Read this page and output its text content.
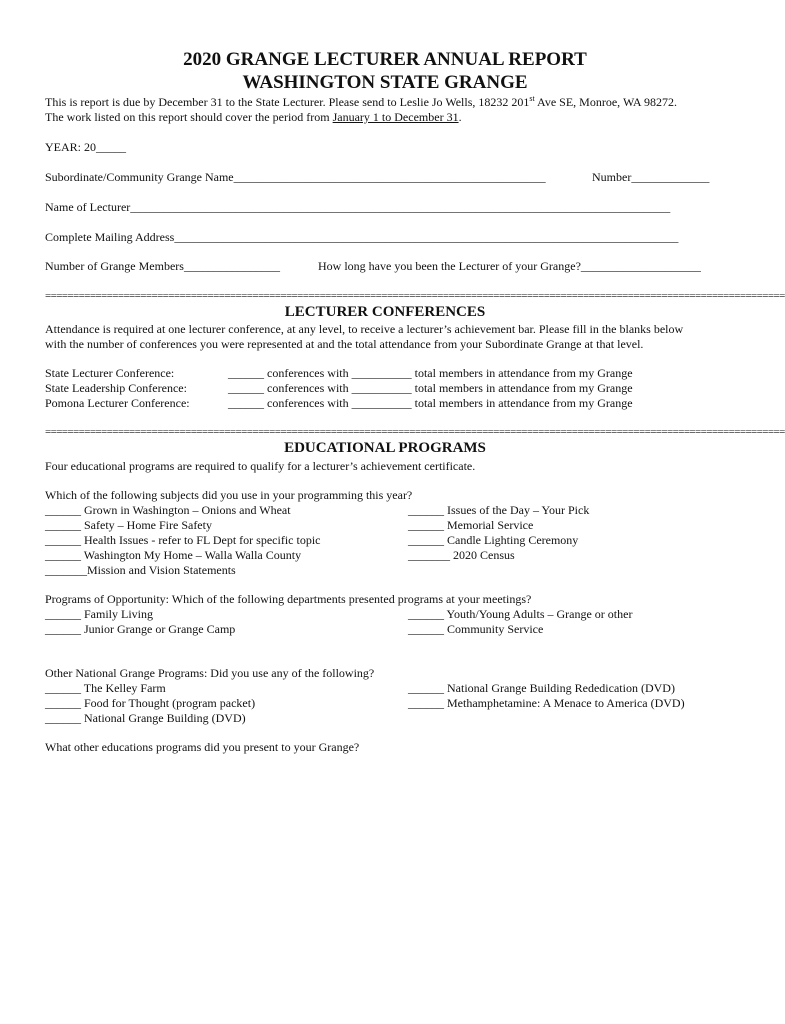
2020 GRANGE LECTURER ANNUAL REPORT
WASHINGTON STATE GRANGE
This is report is due by December 31 to the State Lecturer. Please send to Leslie Jo Wells, 18232 201st Ave SE, Monroe, WA 98272.
The work listed on this report should cover the period from January 1 to December 31.
YEAR: 20_____
Subordinate/Community Grange Name____________________________________________________	Number_____________
Name of Lecturer__________________________________________________________________________________________
Complete Mailing Address____________________________________________________________________________________
Number of Grange Members________________	How long have you been the Lecturer of your Grange?____________________
====================================================================================================================================
LECTURER CONFERENCES
Attendance is required at one lecturer conference, at any level, to receive a lecturer’s achievement bar. Please fill in the blanks below
with the number of conferences you were represented at and the total attendance from your Subordinate Grange at that level.
State Lecturer Conference:	______ conferences with __________ total members in attendance from my Grange
State Leadership Conference:	______ conferences with __________ total members in attendance from my Grange
Pomona Lecturer Conference:	______ conferences with __________ total members in attendance from my Grange
====================================================================================================================================
EDUCATIONAL PROGRAMS
Four educational programs are required to qualify for a lecturer’s achievement certificate.
Which of the following subjects did you use in your programming this year?
______ Grown in Washington – Onions and Wheat
______ Safety – Home Fire Safety
______ Health Issues - refer to FL Dept for specific topic
______ Washington My Home – Walla Walla County
_______Mission and Vision Statements
______ Issues of the Day – Your Pick
______ Memorial Service
______ Candle Lighting Ceremony
_______ 2020 Census
Programs of Opportunity: Which of the following departments presented programs at your meetings?
______ Family Living
______ Junior Grange or Grange Camp
______ Youth/Young Adults – Grange or other
______ Community Service
Other National Grange Programs: Did you use any of the following?
______ The Kelley Farm
______ Food for Thought (program packet)
______ National Grange Building (DVD)
______ National Grange Building Rededication (DVD)
______ Methamphetamine: A Menace to America (DVD)
What other educations programs did you present to your Grange?
